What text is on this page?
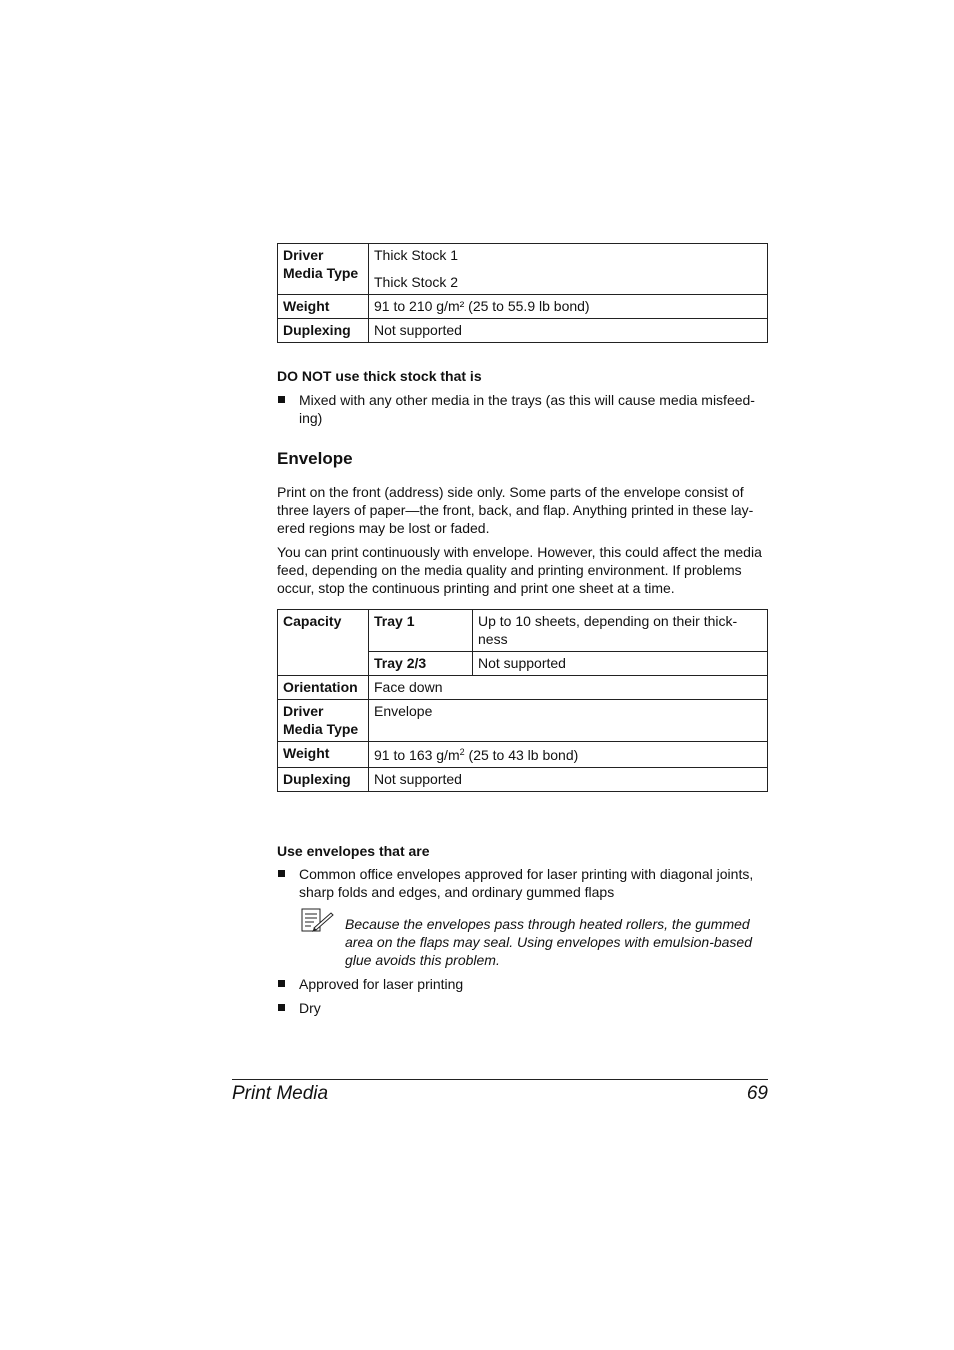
Driver Media Type	Thick Stock 1
Thick Stock 2

Weight	91 to 210 g/m² (25 to 55.9 lb bond)
Duplexing	Not supported
DO NOT use thick stock that is
Mixed with any other media in the trays (as this will cause media misfeed-ing)
Envelope

Print on the front (address) side only. Some parts of the envelope consist of three layers of paper—the front, back, and flap. Anything printed in these lay-ered regions may be lost or faded.

You can print continuously with envelope. However, this could affect the media feed, depending on the media quality and printing environment. If problems occur, stop the continuous printing and print one sheet at a time.

Capacity	Tray 1	Up to 10 sheets, depending on their thick-ness
	Tray 2/3	Not supported
Orientation	Face down	
Driver Media Type	Envelope	
Weight	91 to 163 $g/m^2$ (25 to 43 lb bond)	
Duplexing	Not supported	
Use envelopes that are
Common office envelopes approved for laser printing with diagonal joints, sharp folds and edges, and ordinary gummed flaps
Because the envelopes pass through heated rollers, the gummed area on the flaps may seal. Using envelopes with emulsion-based glue avoids this problem.
Approved for laser printing
Dry
Print Media	69
